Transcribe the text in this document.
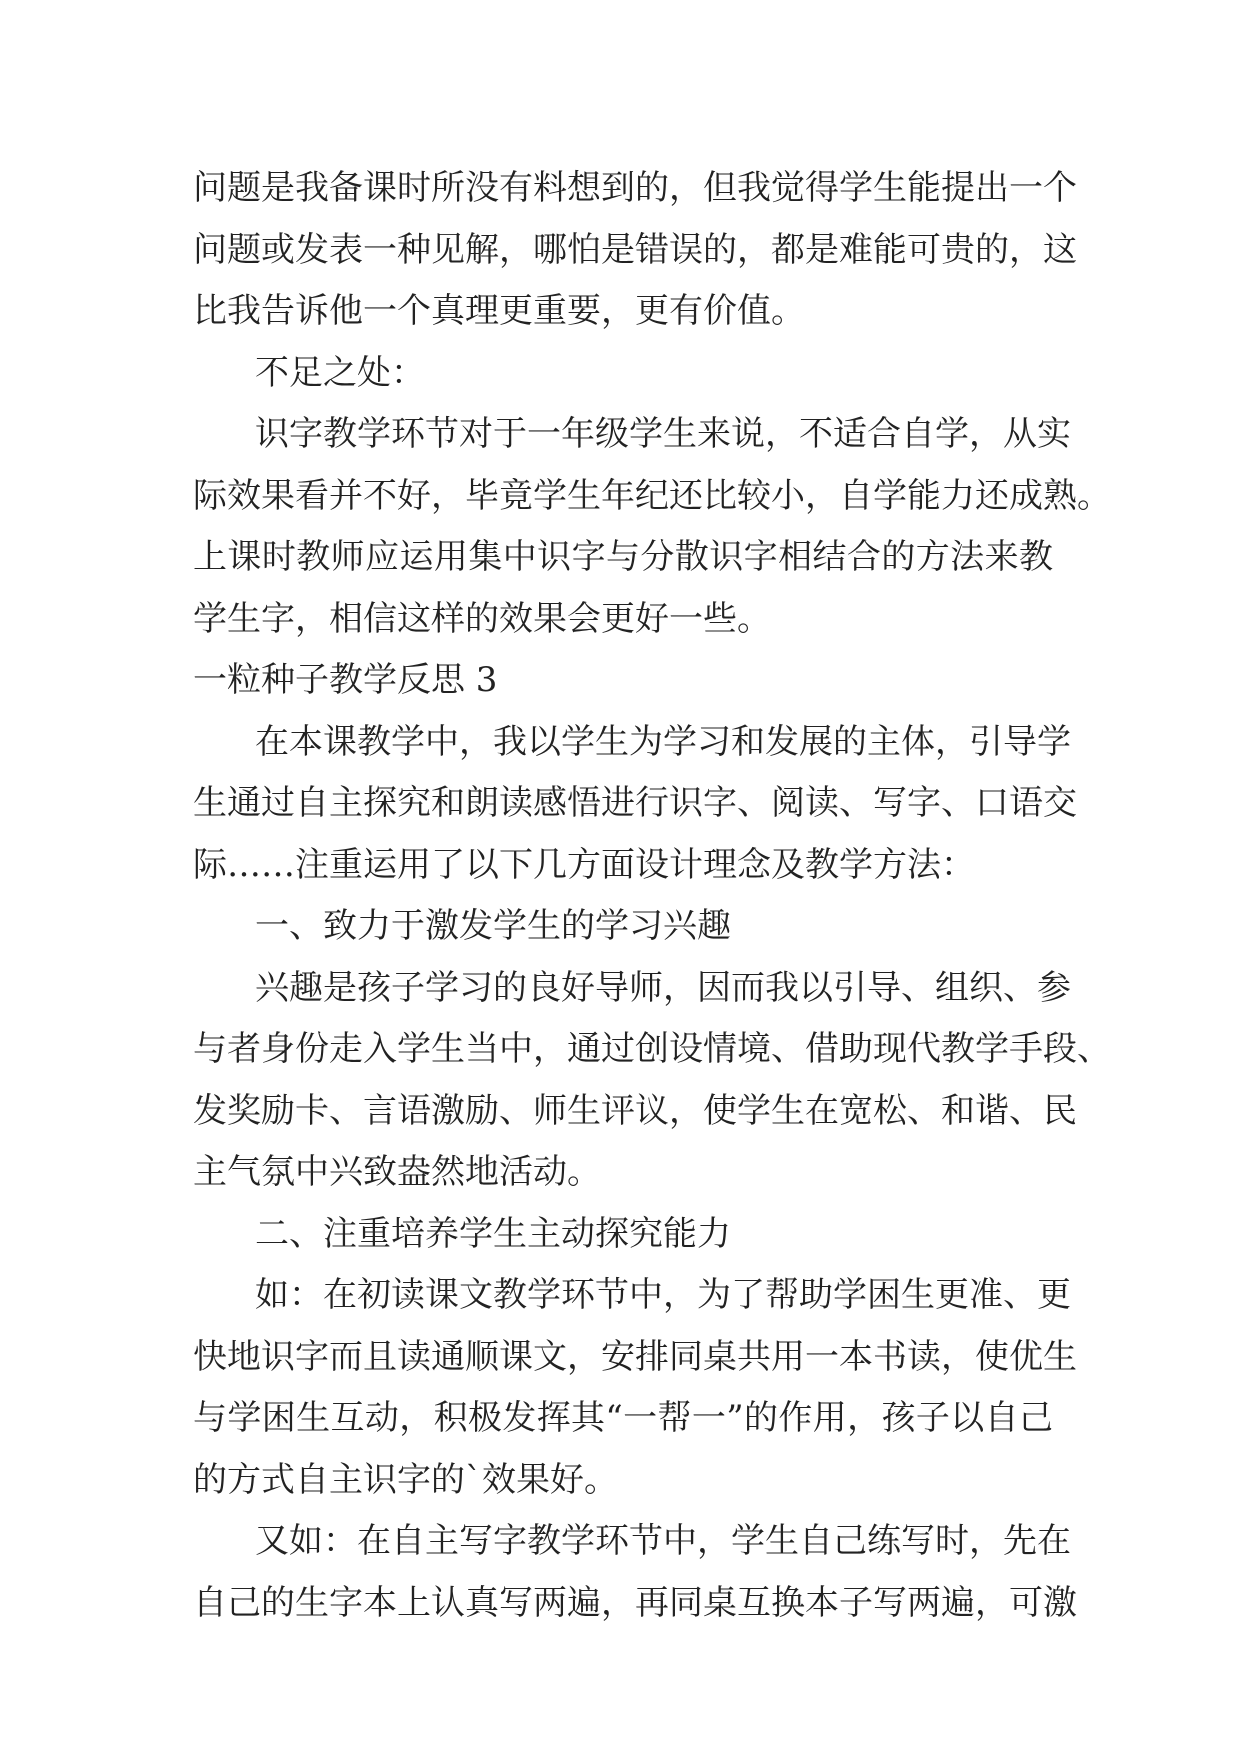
问题是我备课时所没有料想到的，但我觉得学生能提出一个
问题或发表一种见解，哪怕是错误的，都是难能可贵的，这
比我告诉他一个真理更重要，更有价值。
不足之处：
识字教学环节对于一年级学生来说，不适合自学，从实
际效果看并不好，毕竟学生年纪还比较小，自学能力还成熟。
上课时教师应运用集中识字与分散识字相结合的方法来教
学生字，相信这样的效果会更好一些。
一粒种子教学反思 3
在本课教学中，我以学生为学习和发展的主体，引导学
生通过自主探究和朗读感悟进行识字、阅读、写字、口语交
际……注重运用了以下几方面设计理念及教学方法：
一、致力于激发学生的学习兴趣
兴趣是孩子学习的良好导师，因而我以引导、组织、参
与者身份走入学生当中，通过创设情境、借助现代教学手段、
发奖励卡、言语激励、师生评议，使学生在宽松、和谐、民
主气氛中兴致盎然地活动。
二、注重培养学生主动探究能力
如：在初读课文教学环节中，为了帮助学困生更准、更
快地识字而且读通顺课文，安排同桌共用一本书读，使优生
与学困生互动，积极发挥其“一帮一”的作用，孩子以自己
的方式自主识字的`效果好。
又如：在自主写字教学环节中，学生自己练写时，先在
自己的生字本上认真写两遍，再同桌互换本子写两遍，可激
